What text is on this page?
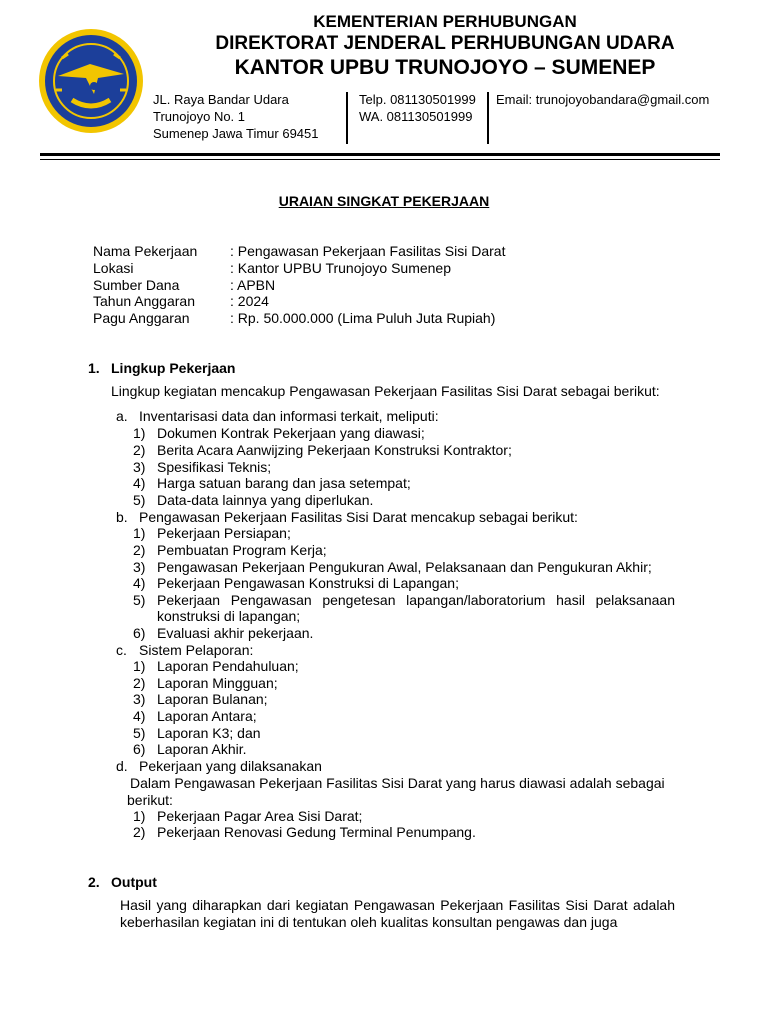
KEMENTERIAN PERHUBUNGAN
DIREKTORAT JENDERAL PERHUBUNGAN UDARA
KANTOR UPBU TRUNOJOYO – SUMENEP
JL. Raya Bandar Udara
Trunojoyo No. 1
Sumenep Jawa Timur 69451
Telp. 081130501999
WA. 081130501999
Email: trunojoyobandara@gmail.com
URAIAN SINGKAT PEKERJAAN
Nama Pekerjaan	: Pengawasan Pekerjaan Fasilitas Sisi Darat
Lokasi	: Kantor UPBU Trunojoyo Sumenep
Sumber Dana	: APBN
Tahun Anggaran	: 2024
Pagu Anggaran	: Rp. 50.000.000 (Lima Puluh Juta Rupiah)
1. Lingkup Pekerjaan
Lingkup kegiatan mencakup Pengawasan Pekerjaan Fasilitas Sisi Darat sebagai berikut:
a. Inventarisasi data dan informasi terkait, meliputi:
1) Dokumen Kontrak Pekerjaan yang diawasi;
2) Berita Acara Aanwijzing Pekerjaan Konstruksi Kontraktor;
3) Spesifikasi Teknis;
4) Harga satuan barang dan jasa setempat;
5) Data-data lainnya yang diperlukan.
b. Pengawasan Pekerjaan Fasilitas Sisi Darat mencakup sebagai berikut:
1) Pekerjaan Persiapan;
2) Pembuatan Program Kerja;
3) Pengawasan Pekerjaan Pengukuran Awal, Pelaksanaan dan Pengukuran Akhir;
4) Pekerjaan Pengawasan Konstruksi di Lapangan;
5) Pekerjaan Pengawasan pengetesan lapangan/laboratorium hasil pelaksanaan konstruksi di lapangan;
6) Evaluasi akhir pekerjaan.
c. Sistem Pelaporan:
1) Laporan Pendahuluan;
2) Laporan Mingguan;
3) Laporan Bulanan;
4) Laporan Antara;
5) Laporan K3; dan
6) Laporan Akhir.
d. Pekerjaan yang dilaksanakan
Dalam Pengawasan Pekerjaan Fasilitas Sisi Darat yang harus diawasi adalah sebagai berikut:
1) Pekerjaan Pagar Area Sisi Darat;
2) Pekerjaan Renovasi Gedung Terminal Penumpang.
2. Output
Hasil yang diharapkan dari kegiatan Pengawasan Pekerjaan Fasilitas Sisi Darat adalah keberhasilan kegiatan ini di tentukan oleh kualitas konsultan pengawas dan juga
